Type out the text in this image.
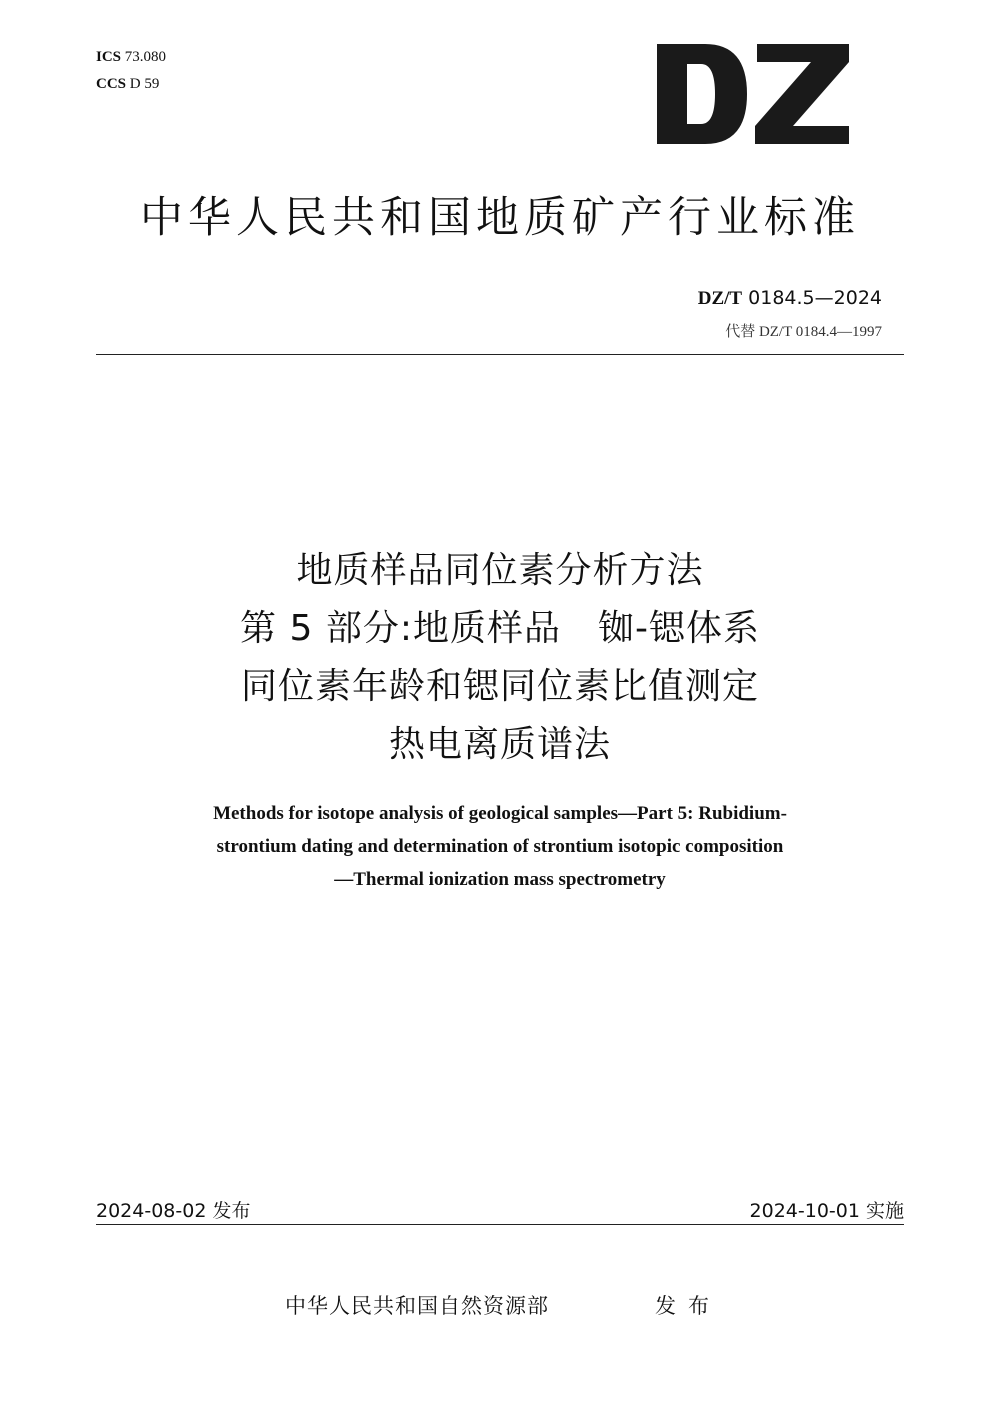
ICS 73.080
CCS D 59
中华人民共和国地质矿产行业标准
DZ/T 0184.5—2024
代替 DZ/T 0184.4—1997
地质样品同位素分析方法
第 5 部分:地质样品　铷-锶体系
同位素年龄和锶同位素比值测定
热电离质谱法
Methods for isotope analysis of geological samples—Part 5: Rubidium-
strontium dating and determination of strontium isotopic composition
—Thermal ionization mass spectrometry
2024-08-02 发布	2024-10-01 实施
中华人民共和国自然资源部	发布
